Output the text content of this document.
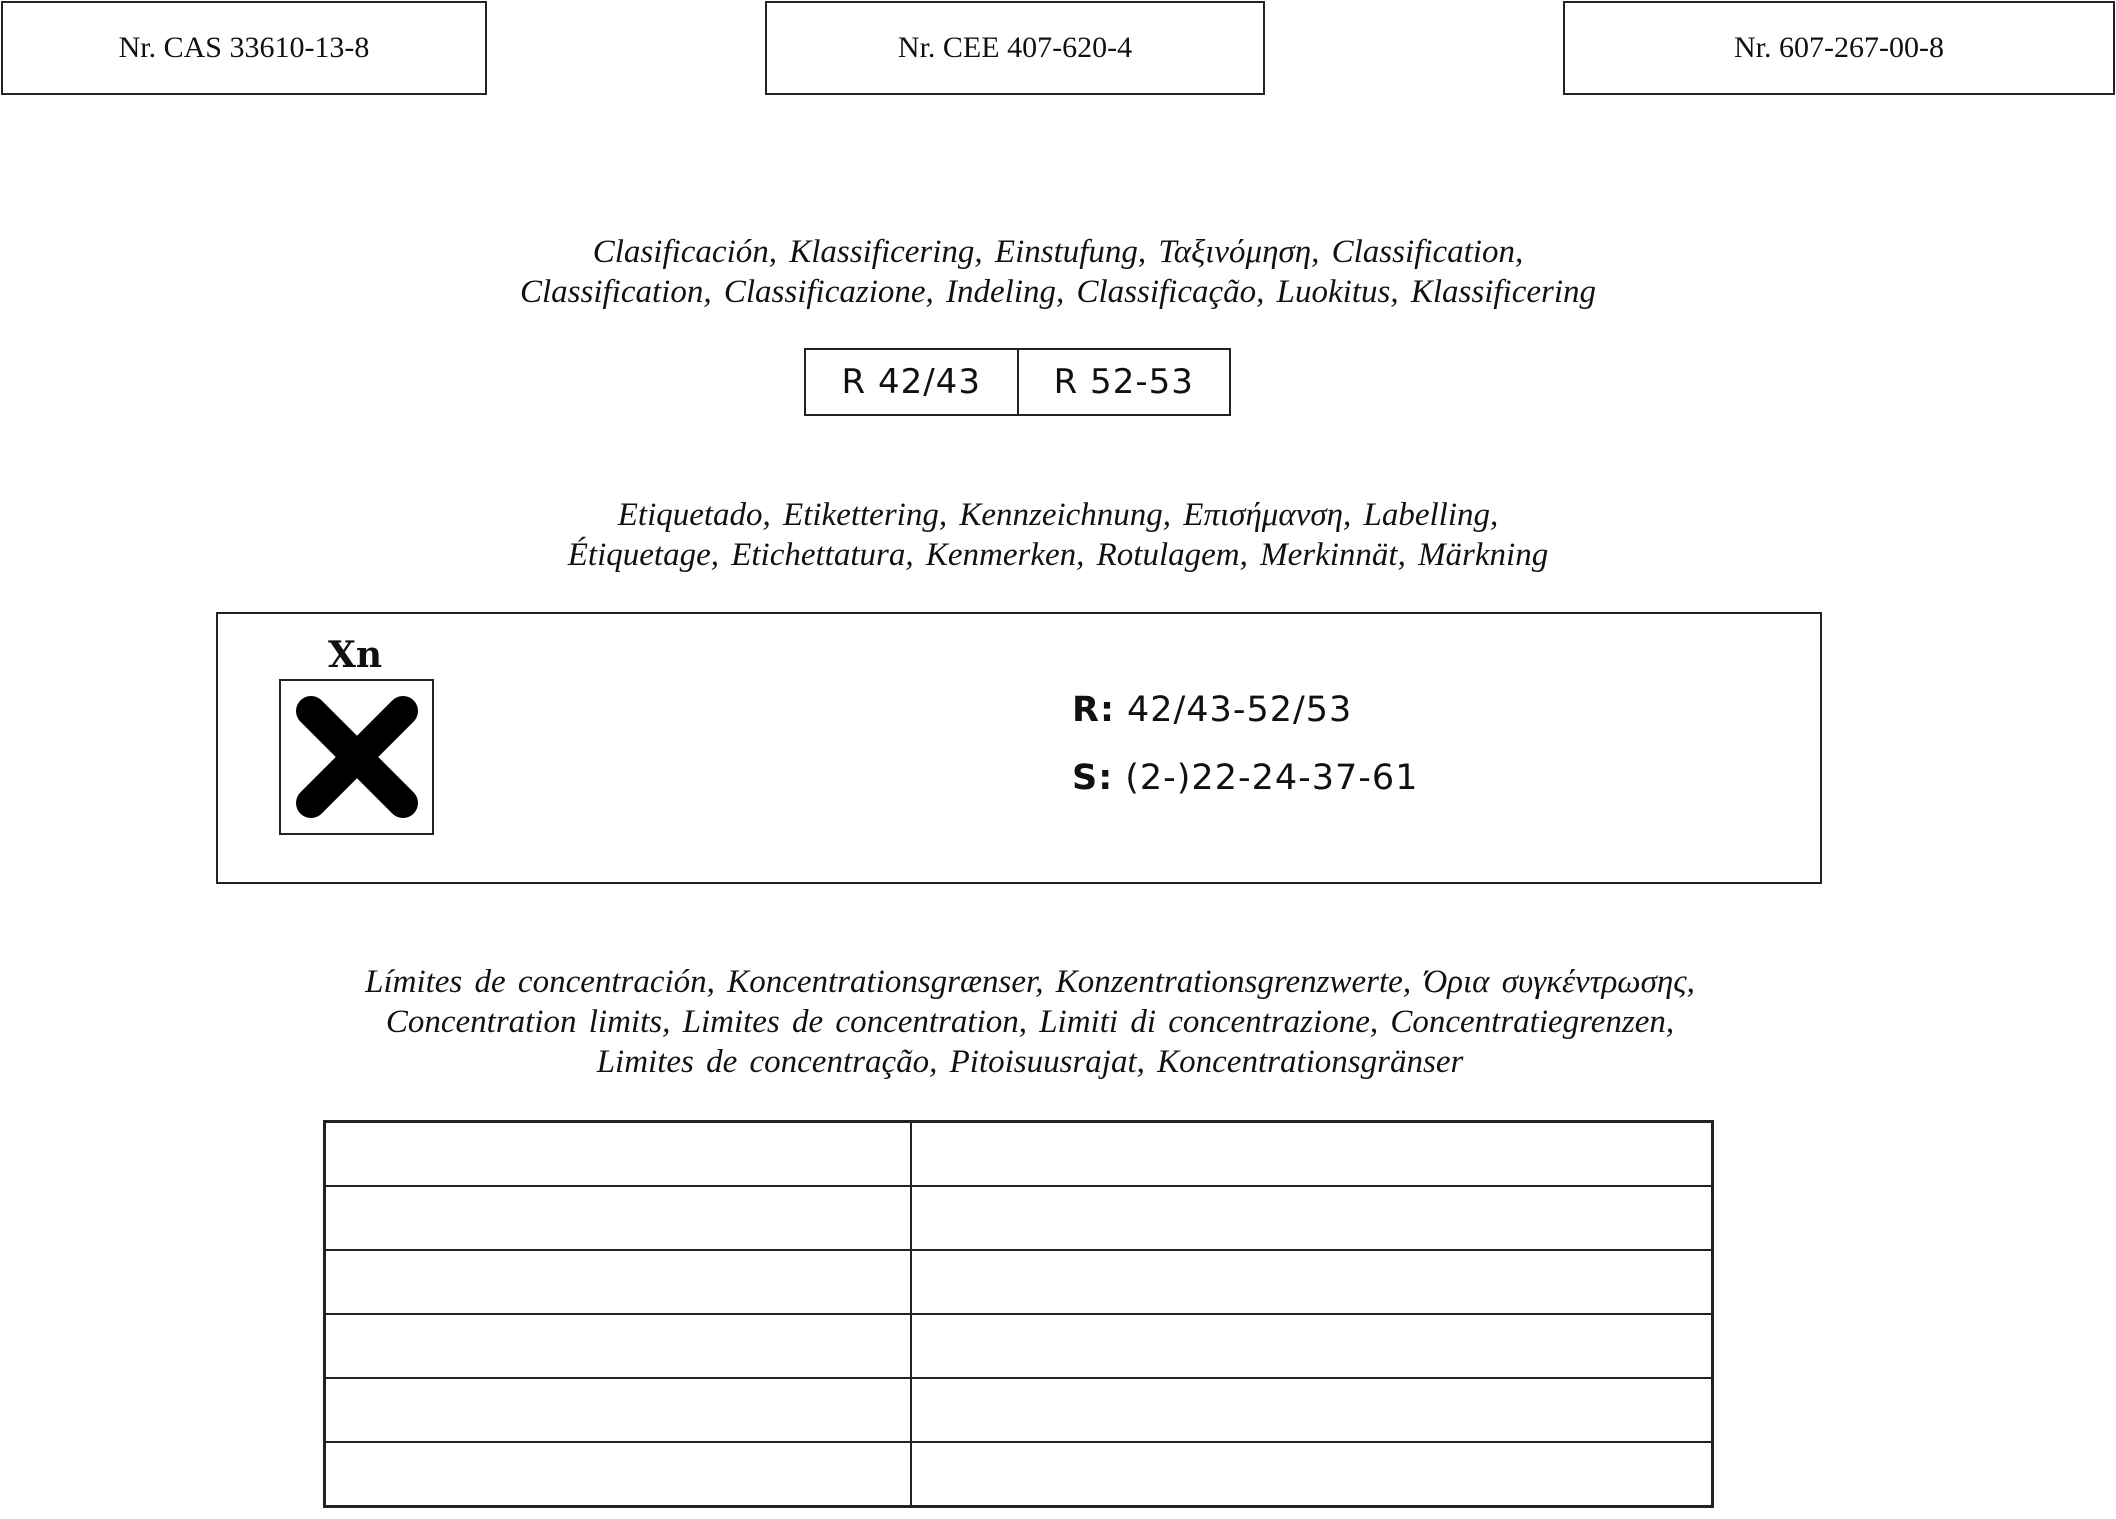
Nr. CAS 33610-13-8	Nr. CEE 407-620-4	Nr. 607-267-00-8
Clasificación, Klassificering, Einstufung, Ταξινόμηση, Classification,
Classification, Classificazione, Indeling, Classificação, Luokitus, Klassificering
R 42/43	R 52-53
Etiquetado, Etikettering, Kennzeichnung, Επισήμανση, Labelling,
Étiquetage, Etichettatura, Kenmerken, Rotulagem, Merkinnät, Märkning
Xn
R: 42/43-52/53
S: (2-)22-24-37-61
Límites de concentración, Koncentrationsgrænser, Konzentrationsgrenzwerte, Όρια συγκέντρωσης,
Concentration limits, Limites de concentration, Limiti di concentrazione, Concentratiegrenzen,
Limites de concentração, Pitoisuusrajat, Koncentrationsgränser
